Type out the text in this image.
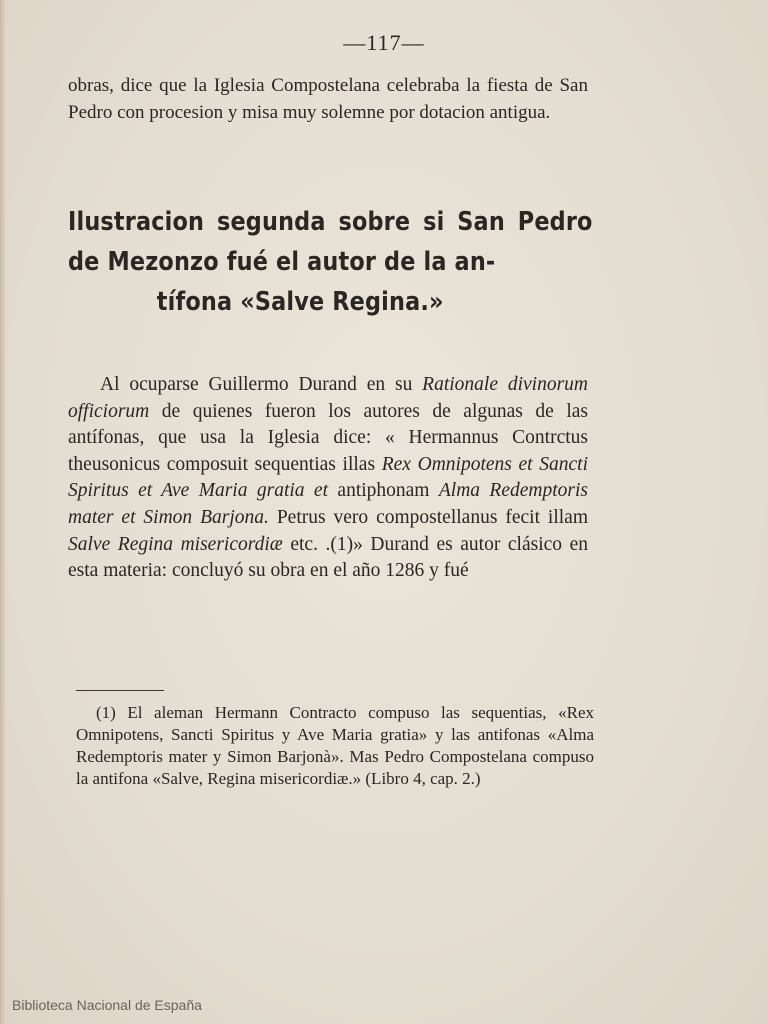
—117—

obras, dice que la Iglesia Compostelana celebraba la fiesta de San Pedro con procesion y misa muy solemne por dotacion antigua.

Ilustracion segunda sobre si San Pedro de Mezonzo fué el autor de la an-
tífona «Salve Regina.»

Al ocuparse Guillermo Durand en su Rationale divinorum officiorum de quienes fueron los autores de algunas de las antífonas, que usa la Iglesia dice: « Hermannus Contrctus theusonicus composuit sequentias illas Rex Omnipotens et Sancti Spiritus et Ave Maria gratia et antiphonam Alma Redemptoris mater et Simon Barjona. Petrus vero compostellanus fecit illam Salve Regina misericordiæ etc. .(1)» Durand es autor clásico en esta materia: concluyó su obra en el año 1286 y fué

(1) El aleman Hermann Contracto compuso las sequentias, «Rex Omnipotens, Sancti Spiritus y Ave Maria gratia» y las antifonas «Alma Redemptoris mater y Simon Barjonà». Mas Pedro Compostelana compuso la antifona «Salve, Regina misericordiæ.» (Libro 4, cap. 2.)

Biblioteca Nacional de España
